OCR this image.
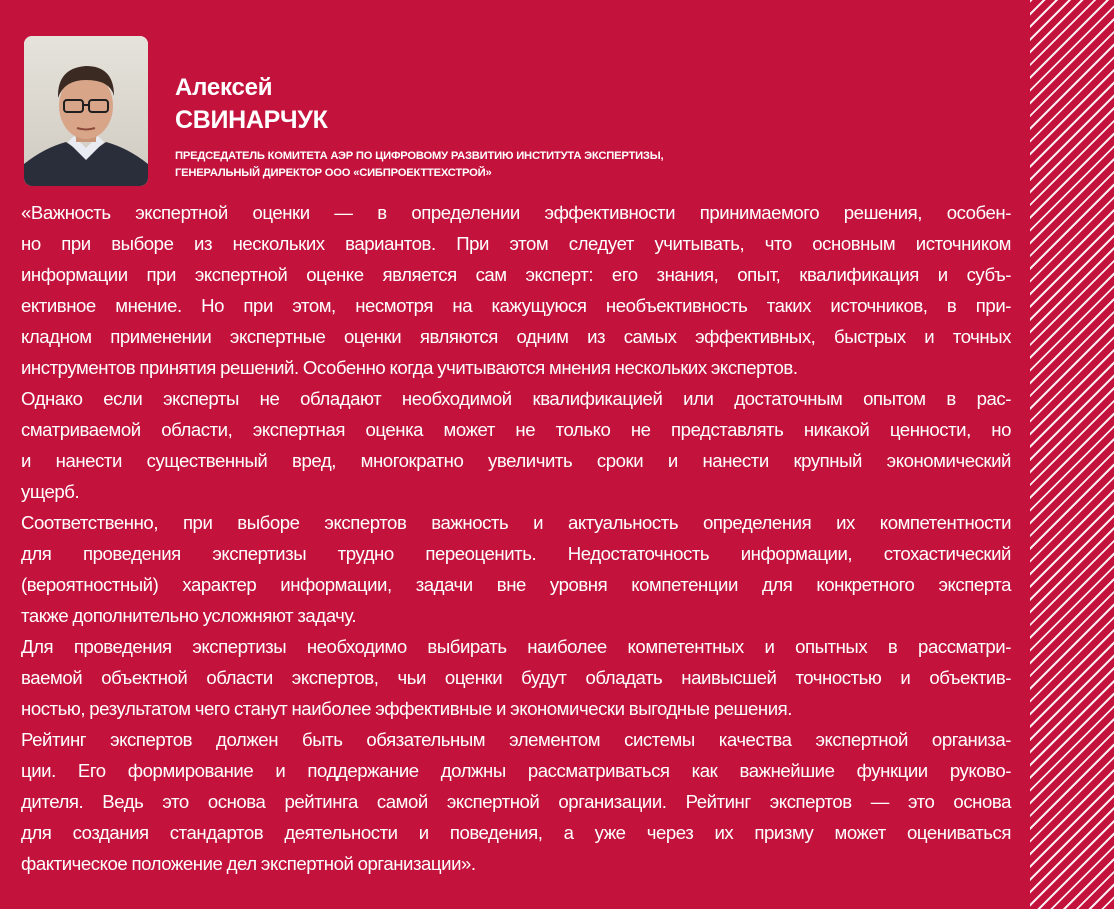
Алексей
СВИНАРЧУК
ПРЕДСЕДАТЕЛЬ КОМИТЕТА АЭР ПО ЦИФРОВОМУ РАЗВИТИЮ ИНСТИТУТА ЭКСПЕРТИЗЫ,
ГЕНЕРАЛЬНЫЙ ДИРЕКТОР ООО «СИБПРОЕКТТЕХСТРОЙ»
«Важность экспертной оценки — в определении эффективности принимаемого решения, особен-
но при выборе из нескольких вариантов. При этом следует учитывать, что основным источником
информации при экспертной оценке является сам эксперт: его знания, опыт, квалификация и субъ-
ективное мнение. Но при этом, несмотря на кажущуюся необъективность таких источников, в при-
кладном применении экспертные оценки являются одним из самых эффективных, быстрых и точных
инструментов принятия решений. Особенно когда учитываются мнения нескольких экспертов.
Однако если эксперты не обладают необходимой квалификацией или достаточным опытом в рас-
сматриваемой области, экспертная оценка может не только не представлять никакой ценности, но
и нанести существенный вред, многократно увеличить сроки и нанести крупный экономический
ущерб.
Соответственно, при выборе экспертов важность и актуальность определения их компетентности
для проведения экспертизы трудно переоценить. Недостаточность информации, стохастический
(вероятностный) характер информации, задачи вне уровня компетенции для конкретного эксперта
также дополнительно усложняют задачу.
Для проведения экспертизы необходимо выбирать наиболее компетентных и опытных в рассматри-
ваемой объектной области экспертов, чьи оценки будут обладать наивысшей точностью и объектив-
ностью, результатом чего станут наиболее эффективные и экономически выгодные решения.
Рейтинг экспертов должен быть обязательным элементом системы качества экспертной организа-
ции. Его формирование и поддержание должны рассматриваться как важнейшие функции руково-
дителя. Ведь это основа рейтинга самой экспертной организации. Рейтинг экспертов — это основа
для создания стандартов деятельности и поведения, а уже через их призму может оцениваться
фактическое положение дел экспертной организации».
